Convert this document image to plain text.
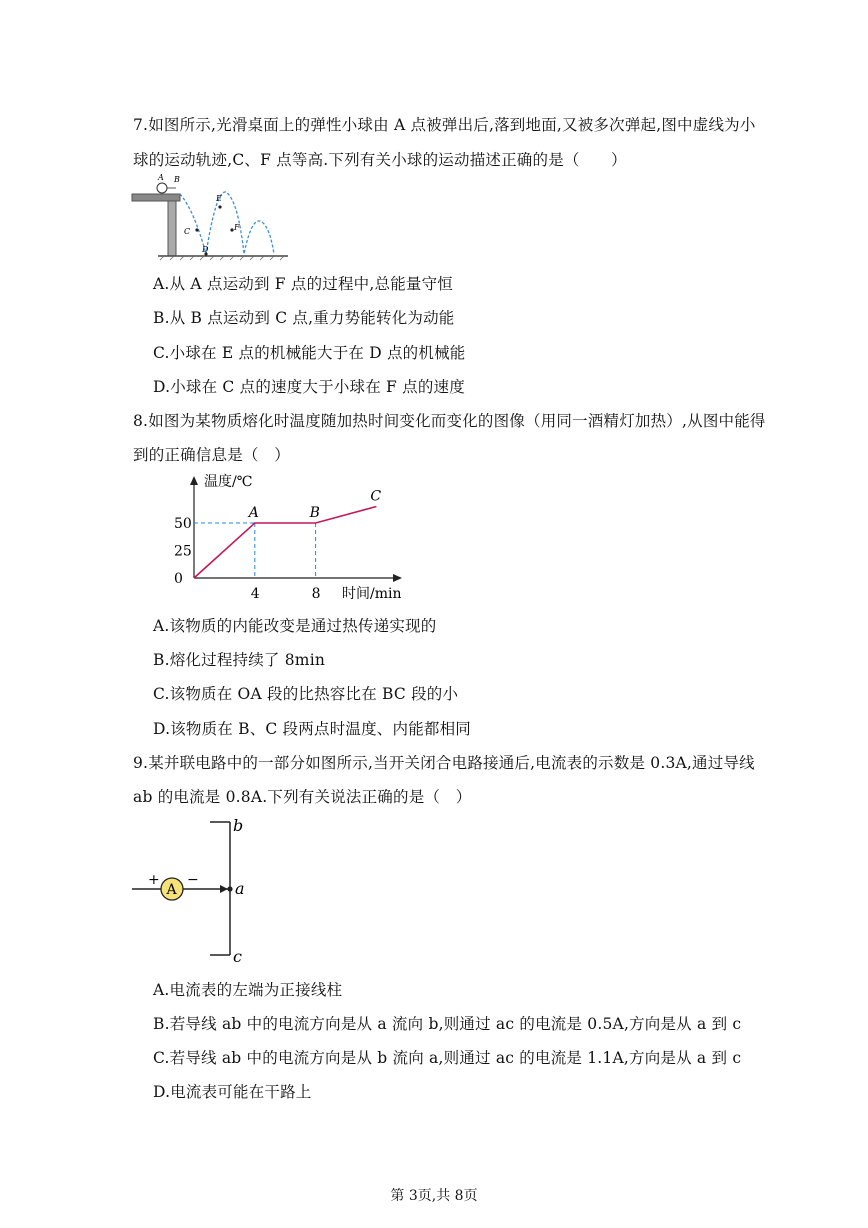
7.如图所示,光滑桌面上的弹性小球由 A 点被弹出后,落到地面,又被多次弹起,图中虚线为小
球的运动轨迹,C、F 点等高.下列有关小球的运动描述正确的是（　　）
A B
C
D
E
F
A.从 A 点运动到 F 点的过程中,总能量守恒
B.从 B 点运动到 C 点,重力势能转化为动能
C.小球在 E 点的机械能大于在 D 点的机械能
D.小球在 C 点的速度大于小球在 F 点的速度
8.如图为某物质熔化时温度随加热时间变化而变化的图像（用同一酒精灯加热）,从图中能得
到的正确信息是（　）
温度/℃
时间/min
0
25
50
4	8
A	B
C
A.该物质的内能改变是通过热传递实现的
B.熔化过程持续了 8min
C.该物质在 OA 段的比热容比在 BC 段的小
D.该物质在 B、C 段两点时温度、内能都相同
9.某并联电路中的一部分如图所示,当开关闭合电路接通后,电流表的示数是 0.3A,通过导线
ab 的电流是 0.8A.下列有关说法正确的是（　）
A
+ −
b
a
c
A.电流表的左端为正接线柱
B.若导线 ab 中的电流方向是从 a 流向 b,则通过 ac 的电流是 0.5A,方向是从 a 到 c
C.若导线 ab 中的电流方向是从 b 流向 a,则通过 ac 的电流是 1.1A,方向是从 a 到 c
D.电流表可能在干路上
第 3页,共 8页
